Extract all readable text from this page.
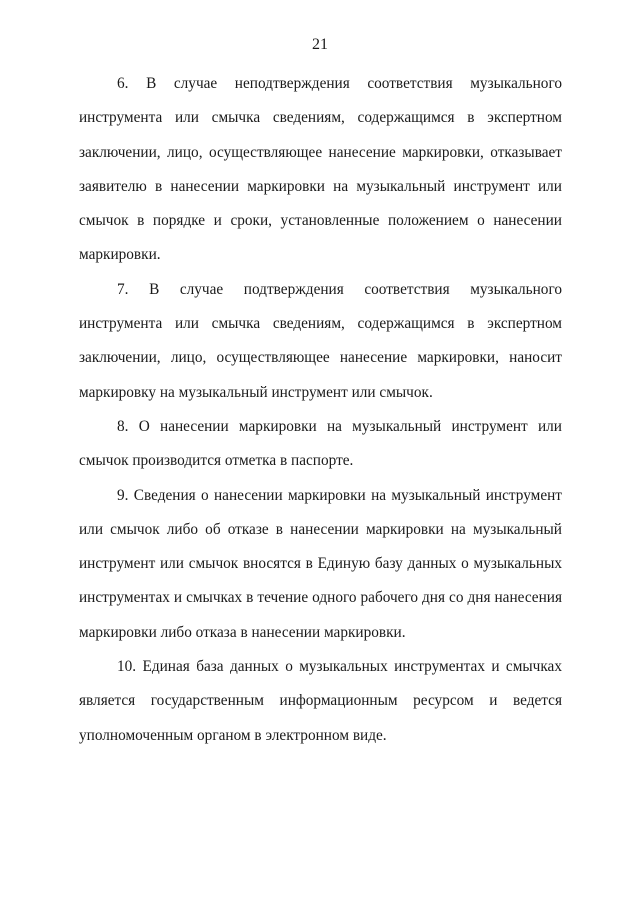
21

6. В случае неподтверждения соответствия музыкального инструмента или смычка сведениям, содержащимся в экспертном заключении, лицо, осуществляющее нанесение маркировки, отказывает заявителю в нанесении маркировки на музыкальный инструмент или смычок в порядке и сроки, установленные положением о нанесении маркировки.

7. В случае подтверждения соответствия музыкального инструмента или смычка сведениям, содержащимся в экспертном заключении, лицо, осуществляющее нанесение маркировки, наносит маркировку на музыкальный инструмент или смычок.

8. О нанесении маркировки на музыкальный инструмент или смычок производится отметка в паспорте.

9. Сведения о нанесении маркировки на музыкальный инструмент или смычок либо об отказе в нанесении маркировки на музыкальный инструмент или смычок вносятся в Единую базу данных о музыкальных инструментах и смычках в течение одного рабочего дня со дня нанесения маркировки либо отказа в нанесении маркировки.

10. Единая база данных о музыкальных инструментах и смычках является государственным информационным ресурсом и ведется уполномоченным органом в электронном виде.
